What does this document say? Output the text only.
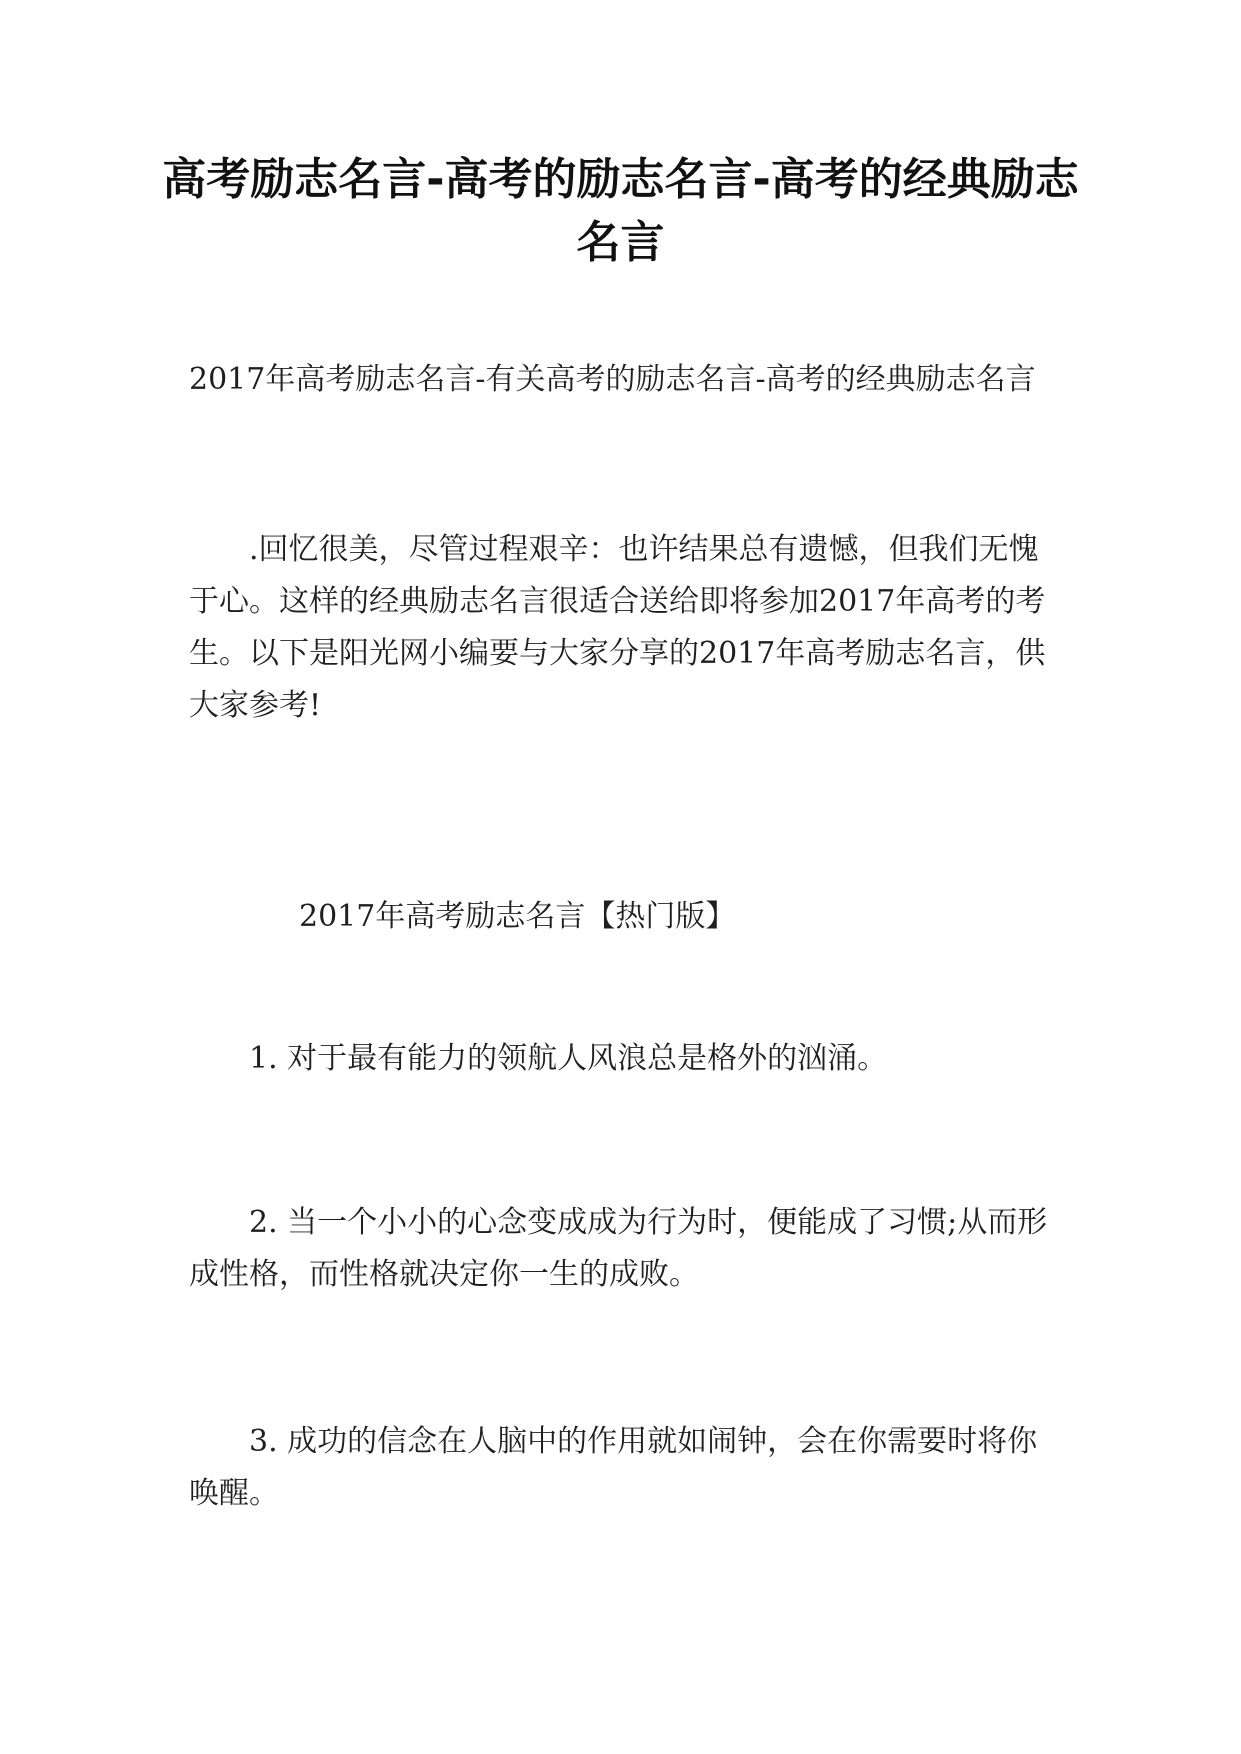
高考励志名言-高考的励志名言-高考的经典励志名言

2017年高考励志名言-有关高考的励志名言-高考的经典励志名言

.回忆很美，尽管过程艰辛：也许结果总有遗憾，但我们无愧于心。这样的经典励志名言很适合送给即将参加2017年高考的考生。以下是阳光网小编要与大家分享的2017年高考励志名言，供大家参考!

2017年高考励志名言【热门版】

1. 对于最有能力的领航人风浪总是格外的汹涌。

2. 当一个小小的心念变成成为行为时，便能成了习惯;从而形成性格，而性格就决定你一生的成败。

3. 成功的信念在人脑中的作用就如闹钟，会在你需要时将你唤醒。
